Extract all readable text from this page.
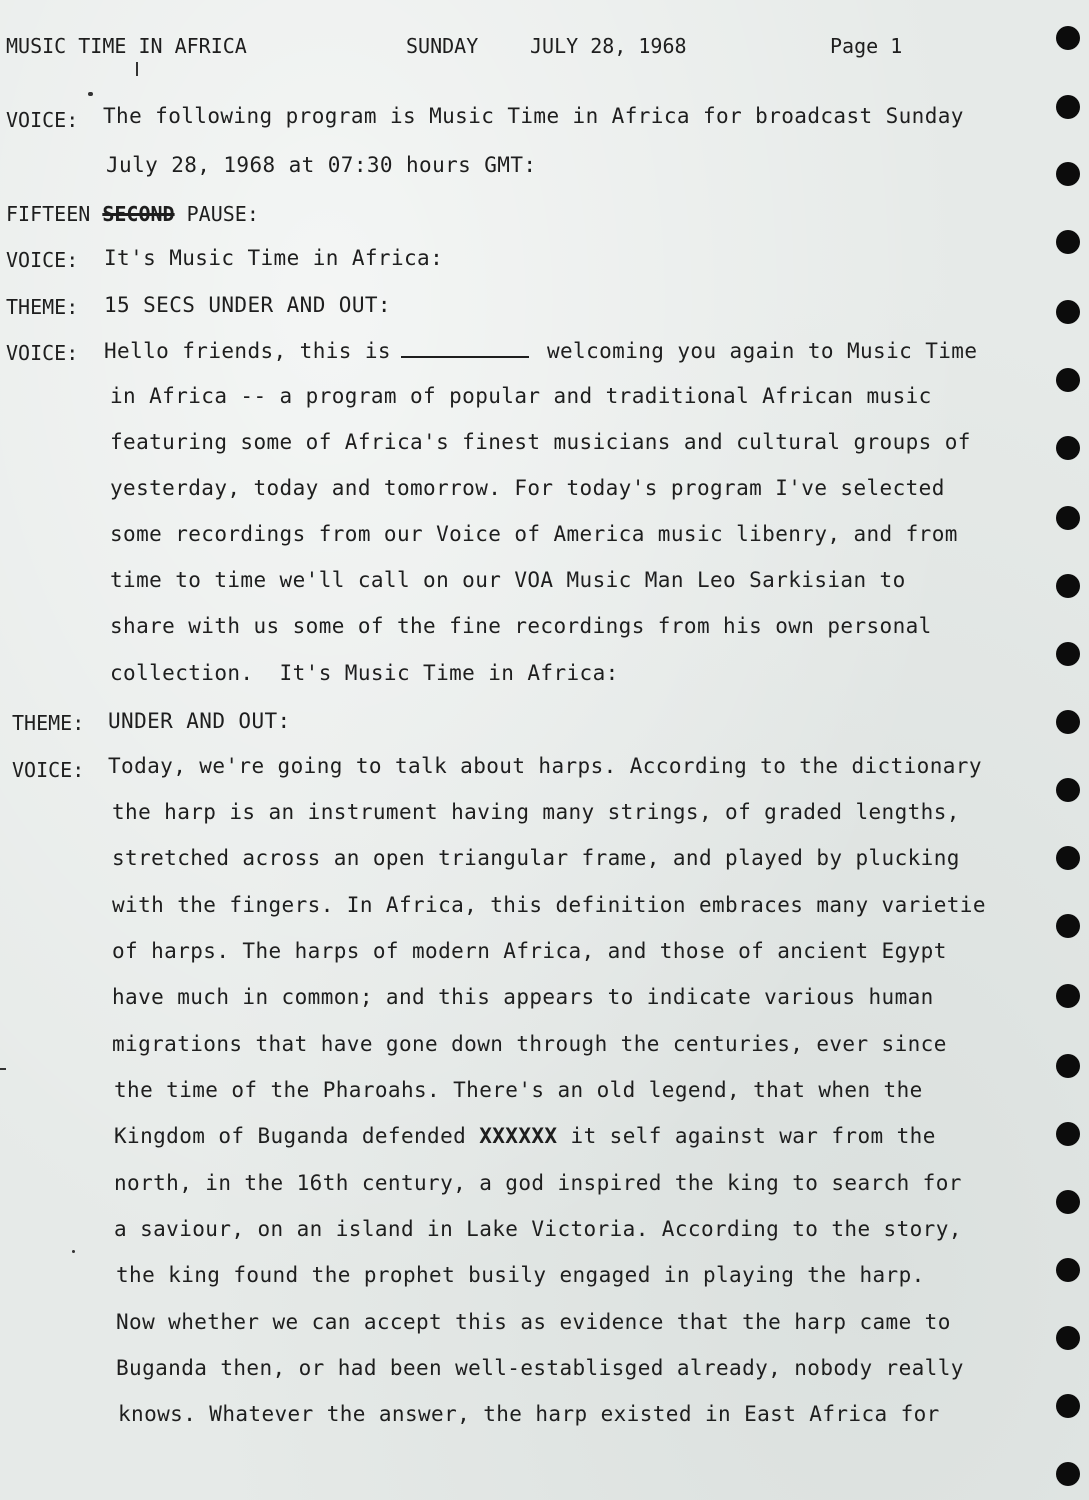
MUSIC TIME IN AFRICA	SUNDAY	JULY 28, 1968	Page 1
VOICE: The following program is Music Time in Africa for broadcast Sunday
July 28, 1968 at 07:30 hours GMT:
FIFTEEN SECOND PAUSE:
VOICE: It's Music Time in Africa:
THEME: 15 SECS UNDER AND OUT:
VOICE: Hello friends, this is	welcoming you again to Music Time
in Africa -- a program of popular and traditional African music
featuring some of Africa's finest musicians and cultural groups of
yesterday, today and tomorrow. For today's program I've selected
some recordings from our Voice of America music libenry, and from
time to time we'll call on our VOA Music Man Leo Sarkisian to
share with us some of the fine recordings from his own personal
collection.  It's Music Time in Africa:
THEME: UNDER AND OUT:
VOICE: Today, we're going to talk about harps. According to the dictionary
the harp is an instrument having many strings, of graded lengths,
stretched across an open triangular frame, and played by plucking
with the fingers. In Africa, this definition embraces many varietie
of harps. The harps of modern Africa, and those of ancient Egypt
have much in common; and this appears to indicate various human
migrations that have gone down through the centuries, ever since
the time of the Pharoahs. There's an old legend, that when the
Kingdom of Buganda defended XXXXXX it self against war from the
north, in the 16th century, a god inspired the king to search for
a saviour, on an island in Lake Victoria. According to the story,
the king found the prophet busily engaged in playing the harp.
Now whether we can accept this as evidence that the harp came to
Buganda then, or had been well-establisged already, nobody really
knows. Whatever the answer, the harp existed in East Africa for
